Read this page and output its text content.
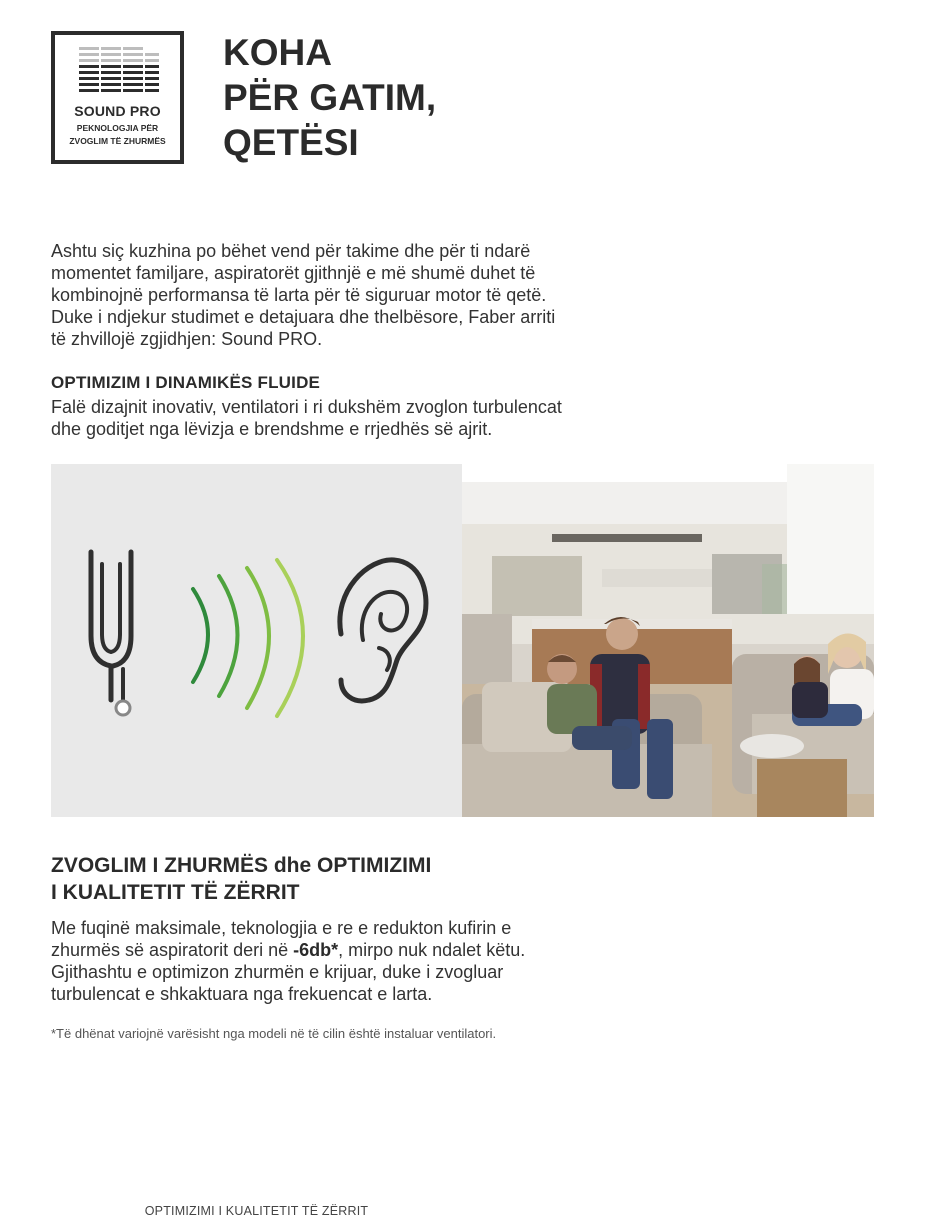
SOUND PRO
PEKNOLOGJIA PËR
ZVOGLIM TË ZHURMËS
KOHA
PËR GATIM,
QETËSI

Ashtu siç kuzhina po bëhet vend për takime dhe për ti ndarë
momentet familjare, aspiratorët gjithnjë e më shumë duhet të
kombinojnë performansa të larta për të siguruar motor të qetë.
Duke i ndjekur studimet e detajuara dhe thelbësore, Faber arriti
të zhvillojë zgjidhjen: Sound PRO.

OPTIMIZIM I DINAMIKËS FLUIDE

Falë dizajnit inovativ, ventilatori i ri dukshëm zvoglon turbulencat
dhe goditjet nga lëvizja e brendshme e rrjedhës së ajrit.

OPTIMIZIMI I KUALITETIT TË ZËRRIT
ZVOGLIM I ZHURMËS dhe OPTIMIZIMI
I KUALITETIT TË ZËRRIT

Me fuqinë maksimale, teknologjia e re e redukton kufirin e
zhurmës së aspiratorit deri në -6db*, mirpo nuk ndalet këtu.
Gjithashtu e optimizon zhurmën e krijuar, duke i zvogluar
turbulencat e shkaktuara nga frekuencat e larta.

*Të dhënat variojnë varësisht nga modeli në të cilin është instaluar ventilatori.
